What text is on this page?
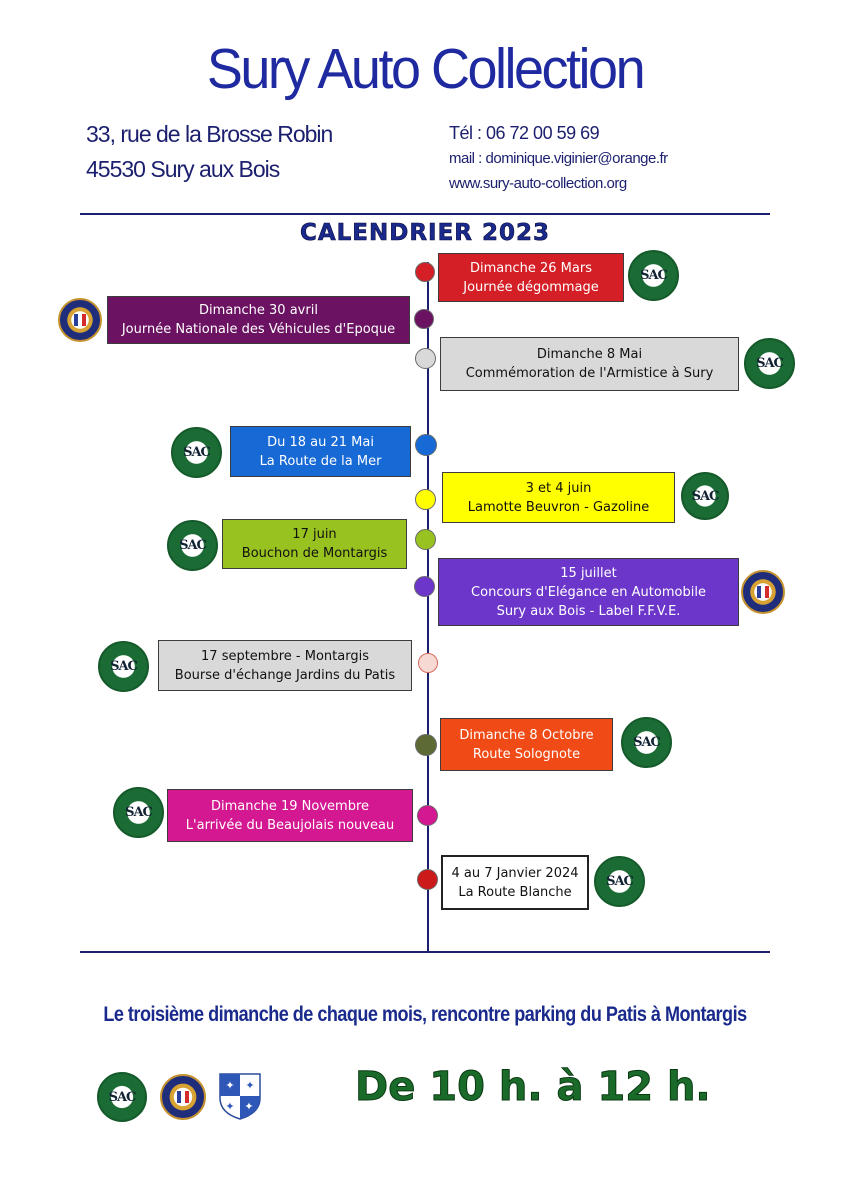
Sury Auto Collection
33, rue de la Brosse Robin
45530 Sury aux Bois
Tél : 06 72 00 59 69
mail : dominique.viginier@orange.fr
www.sury-auto-collection.org
CALENDRIER 2023
Dimanche 26 Mars
Journée dégommage
SAC
Dimanche 30 avril
Journée Nationale des Véhicules d'Epoque
Dimanche 8 Mai
Commémoration de l'Armistice à Sury
SAC
Du 18 au 21 Mai
La Route de la Mer
SAC
3 et 4 juin
Lamotte Beuvron - Gazoline
SAC
17 juin
Bouchon de Montargis
SAC
15 juillet
Concours d'Elégance en Automobile
Sury aux Bois - Label F.F.V.E.
17 septembre - Montargis
Bourse d'échange Jardins du Patis
SAC
Dimanche 8 Octobre
Route Solognote
SAC
Dimanche 19 Novembre
L'arrivée du Beaujolais nouveau
SAC
4 au 7 Janvier 2024
La Route Blanche
SAC
Le troisième dimanche de chaque mois, rencontre parking du Patis à Montargis
SAC
✦ ✦
✦ ✦	De 10 h. à 12 h.
